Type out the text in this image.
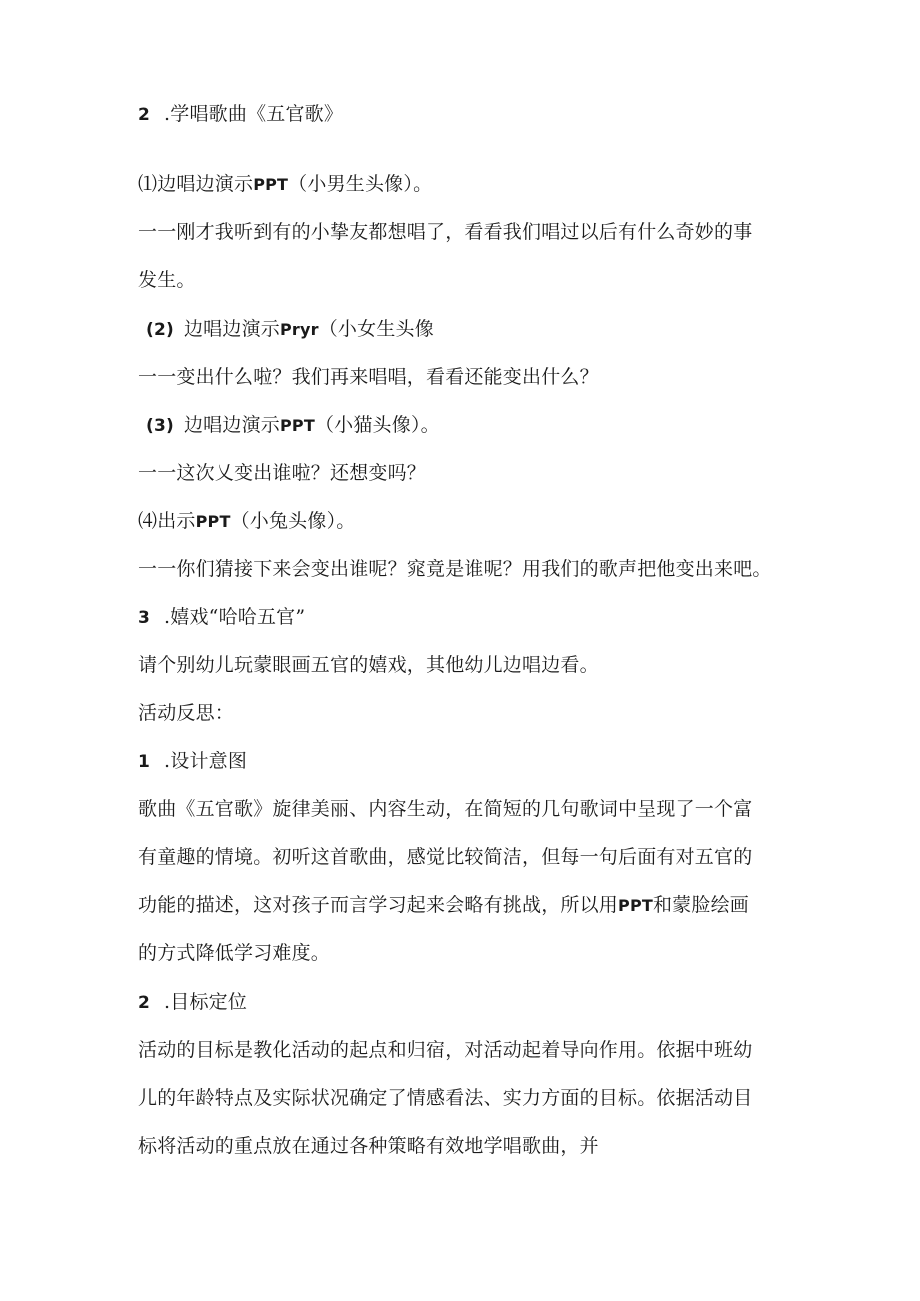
2 .学唱歌曲《五官歌》
⑴边唱边演示PPT（小男生头像）。
一一刚才我听到有的小挚友都想唱了，看看我们唱过以后有什么奇妙的事
发生。
(2) 边唱边演示Pryr（小女生头像
一一变出什么啦？我们再来唱唱，看看还能变出什么？
(3) 边唱边演示PPT（小猫头像）。
一一这次乂变出谁啦？还想变吗？
⑷出示PPT（小兔头像）。
一一你们猜接下来会变出谁呢？窕竟是谁呢？用我们的歌声把他变出来吧。
3 .嬉戏“哈哈五官”
请个别幼儿玩蒙眼画五官的嬉戏，其他幼儿边唱边看。
活动反思：
1 .设计意图
歌曲《五官歌》旋律美丽、内容生动，在简短的几句歌词中呈现了一个富
有童趣的情境。初听这首歌曲，感觉比较简洁，但每一句后面有对五官的
功能的描述，这对孩子而言学习起来会略有挑战，所以用PPT和蒙脸绘画
的方式降低学习难度。
2 .目标定位
活动的目标是教化活动的起点和归宿，对活动起着导向作用。依据中班幼
儿的年龄特点及实际状况确定了情感看法、实力方面的目标。依据活动目
标将活动的重点放在通过各种策略有效地学唱歌曲，并
